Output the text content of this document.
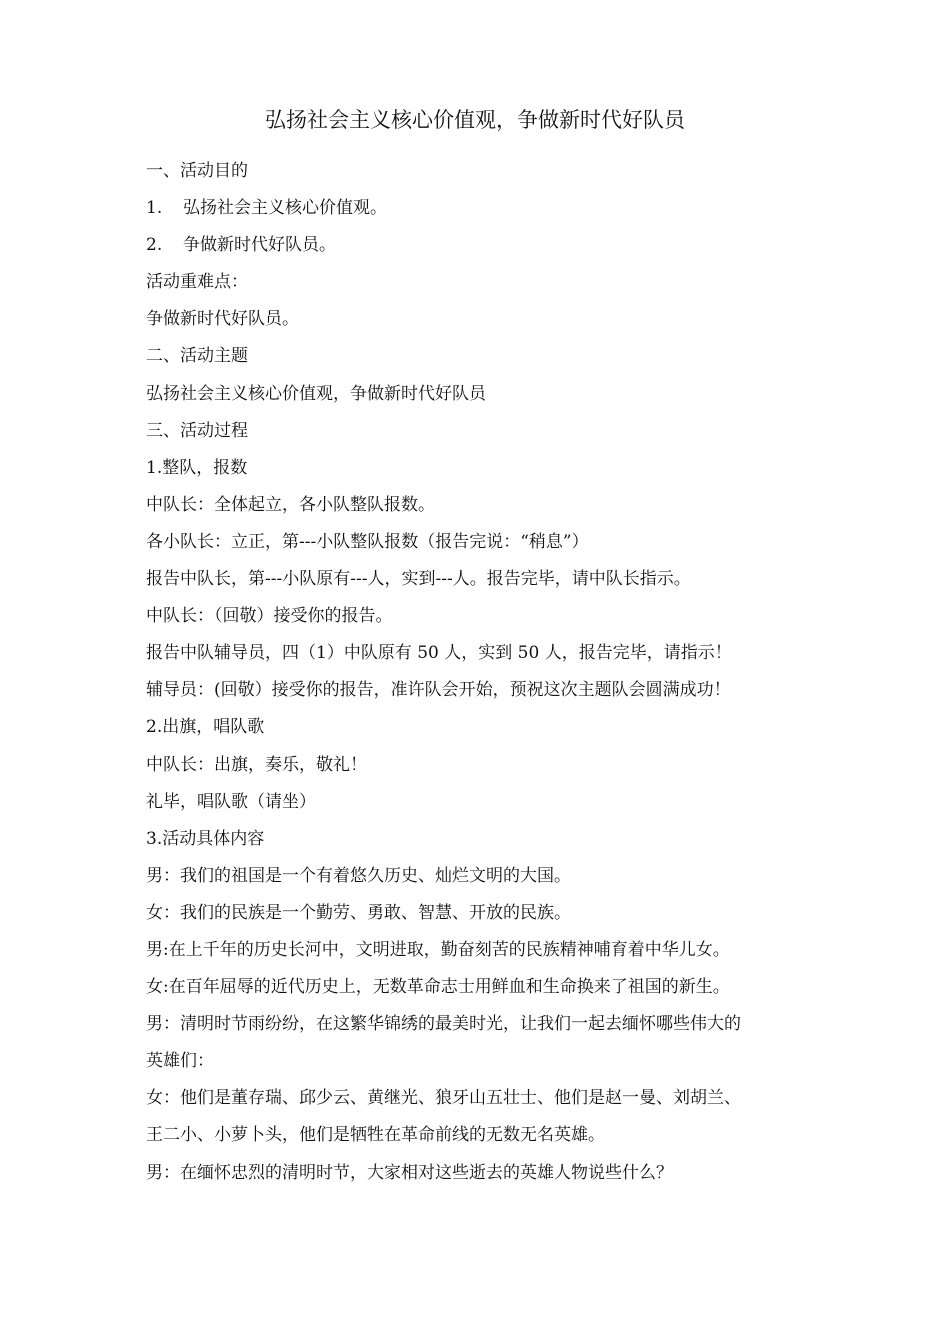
弘扬社会主义核心价值观，争做新时代好队员
一、活动目的
1. 弘扬社会主义核心价值观。
2. 争做新时代好队员。
活动重难点：
争做新时代好队员。
二、活动主题
弘扬社会主义核心价值观，争做新时代好队员
三、活动过程
1.整队，报数
中队长：全体起立，各小队整队报数。
各小队长：立正，第---小队整队报数（报告完说：“稍息”）
报告中队长，第---小队原有---人，实到---人。报告完毕，请中队长指示。
中队长：（回敬）接受你的报告。
报告中队辅导员，四（1）中队原有 50 人，实到 50 人，报告完毕，请指示！
辅导员：(回敬）接受你的报告，准许队会开始，预祝这次主题队会圆满成功！
2.出旗，唱队歌
中队长：出旗，奏乐，敬礼！
礼毕，唱队歌（请坐）
3.活动具体内容
男：我们的祖国是一个有着悠久历史、灿烂文明的大国。
女：我们的民族是一个勤劳、勇敢、智慧、开放的民族。
男:在上千年的历史长河中，文明进取，勤奋刻苦的民族精神哺育着中华儿女。
女:在百年屈辱的近代历史上，无数革命志士用鲜血和生命换来了祖国的新生。
男：清明时节雨纷纷，在这繁华锦绣的最美时光，让我们一起去缅怀哪些伟大的
英雄们：
女：他们是董存瑞、邱少云、黄继光、狼牙山五壮士、他们是赵一曼、刘胡兰、
王二小、小萝卜头，他们是牺牲在革命前线的无数无名英雄。
男：在缅怀忠烈的清明时节，大家相对这些逝去的英雄人物说些什么？
